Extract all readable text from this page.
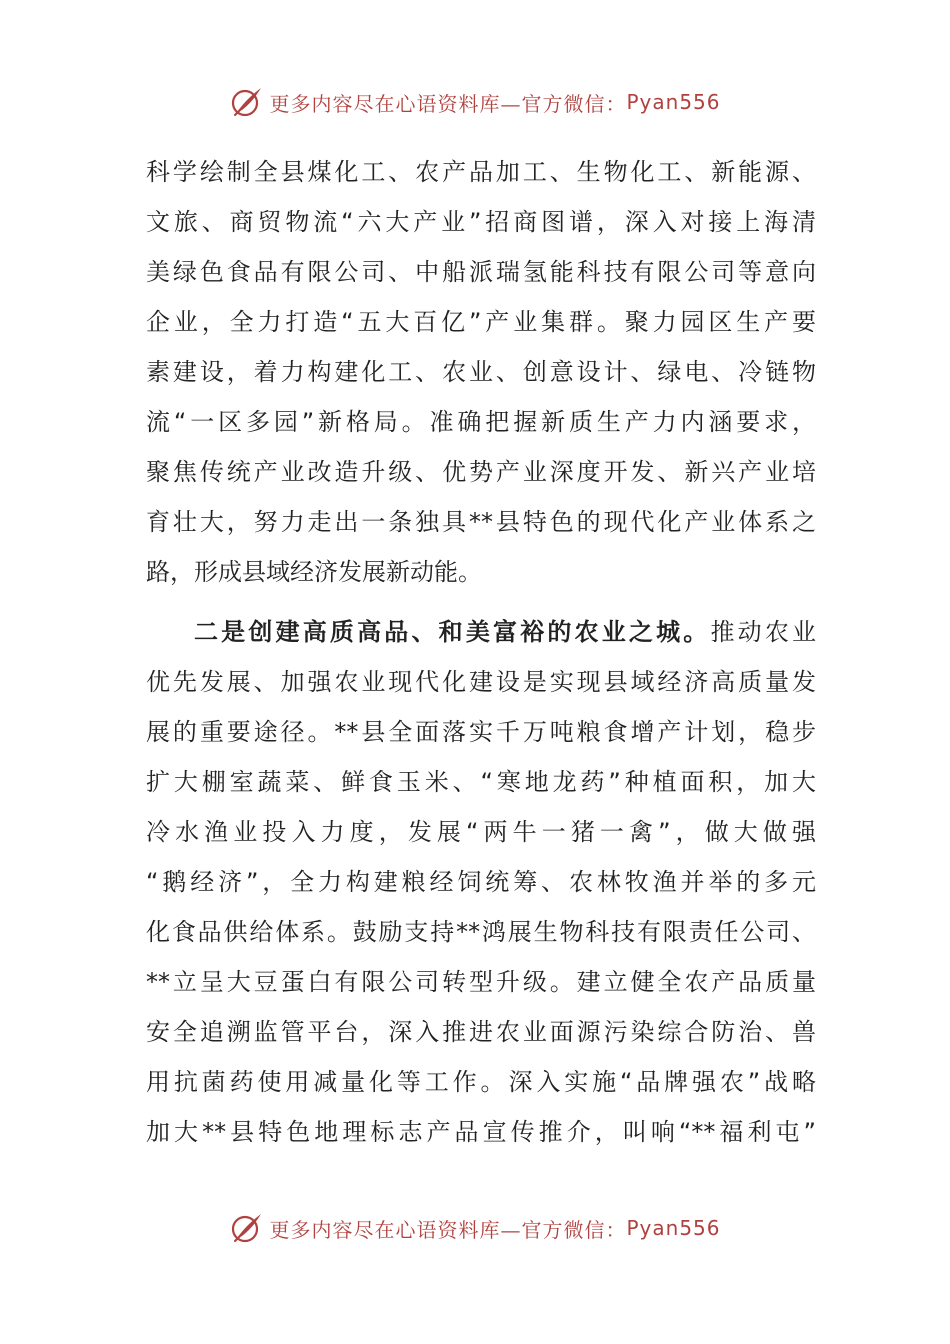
更多内容尽在心语资料库—官方微信： Pyan556
科学绘制全县煤化工、农产品加工、生物化工、新能源、
文旅、商贸物流“六大产业”招商图谱，深入对接上海清
美绿色食品有限公司、中船派瑞氢能科技有限公司等意向
企业，全力打造“五大百亿”产业集群。聚力园区生产要
素建设，着力构建化工、农业、创意设计、绿电、冷链物
流“一区多园”新格局。准确把握新质生产力内涵要求，
聚焦传统产业改造升级、优势产业深度开发、新兴产业培
育壮大，努力走出一条独具**县特色的现代化产业体系之
路，形成县域经济发展新动能。
二是创建高质高品、和美富裕的农业之城。推动农业
优先发展、加强农业现代化建设是实现县域经济高质量发
展的重要途径。**县全面落实千万吨粮食增产计划，稳步
扩大棚室蔬菜、鲜食玉米、“寒地龙药”种植面积，加大
冷水渔业投入力度，发展“两牛一猪一禽”，做大做强
“鹅经济”，全力构建粮经饲统筹、农林牧渔并举的多元
化食品供给体系。鼓励支持**鸿展生物科技有限责任公司、
**立呈大豆蛋白有限公司转型升级。建立健全农产品质量
安全追溯监管平台，深入推进农业面源污染综合防治、兽
用抗菌药使用减量化等工作。深入实施“品牌强农”战略
加大**县特色地理标志产品宣传推介，叫响“**福利屯”
更多内容尽在心语资料库—官方微信： Pyan556
